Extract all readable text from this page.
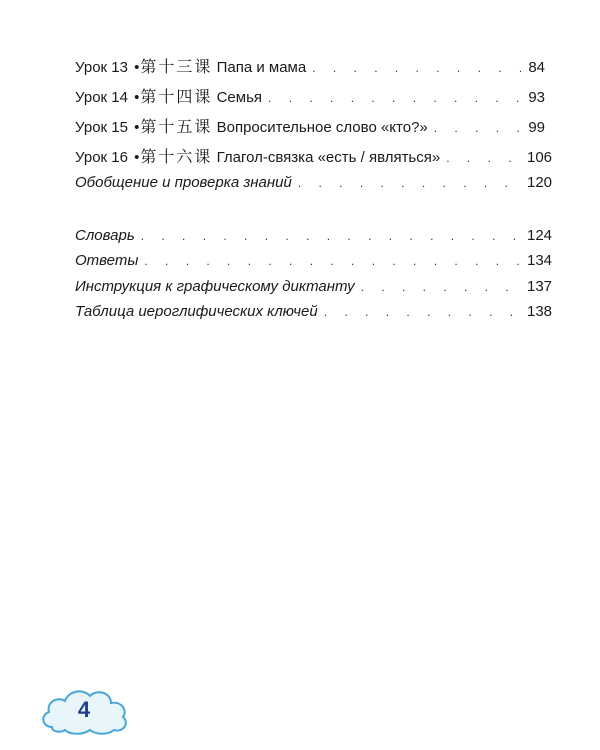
Урок 13 •第十三课 Папа и мама . . .	84
Урок 14 •第十四课 Семья . . .	93
Урок 15 •第十五课 Вопросительное слово «кто?» . . .	99
Урок 16 •第十六课 Глагол-связка «есть / являться» . . .	106
Обобщение и проверка знаний . . .	120
Словарь . . .	124
Ответы . . .	134
Инструкция к графическому диктанту . . .	137
Таблица иероглифических ключей . . .	138
4
